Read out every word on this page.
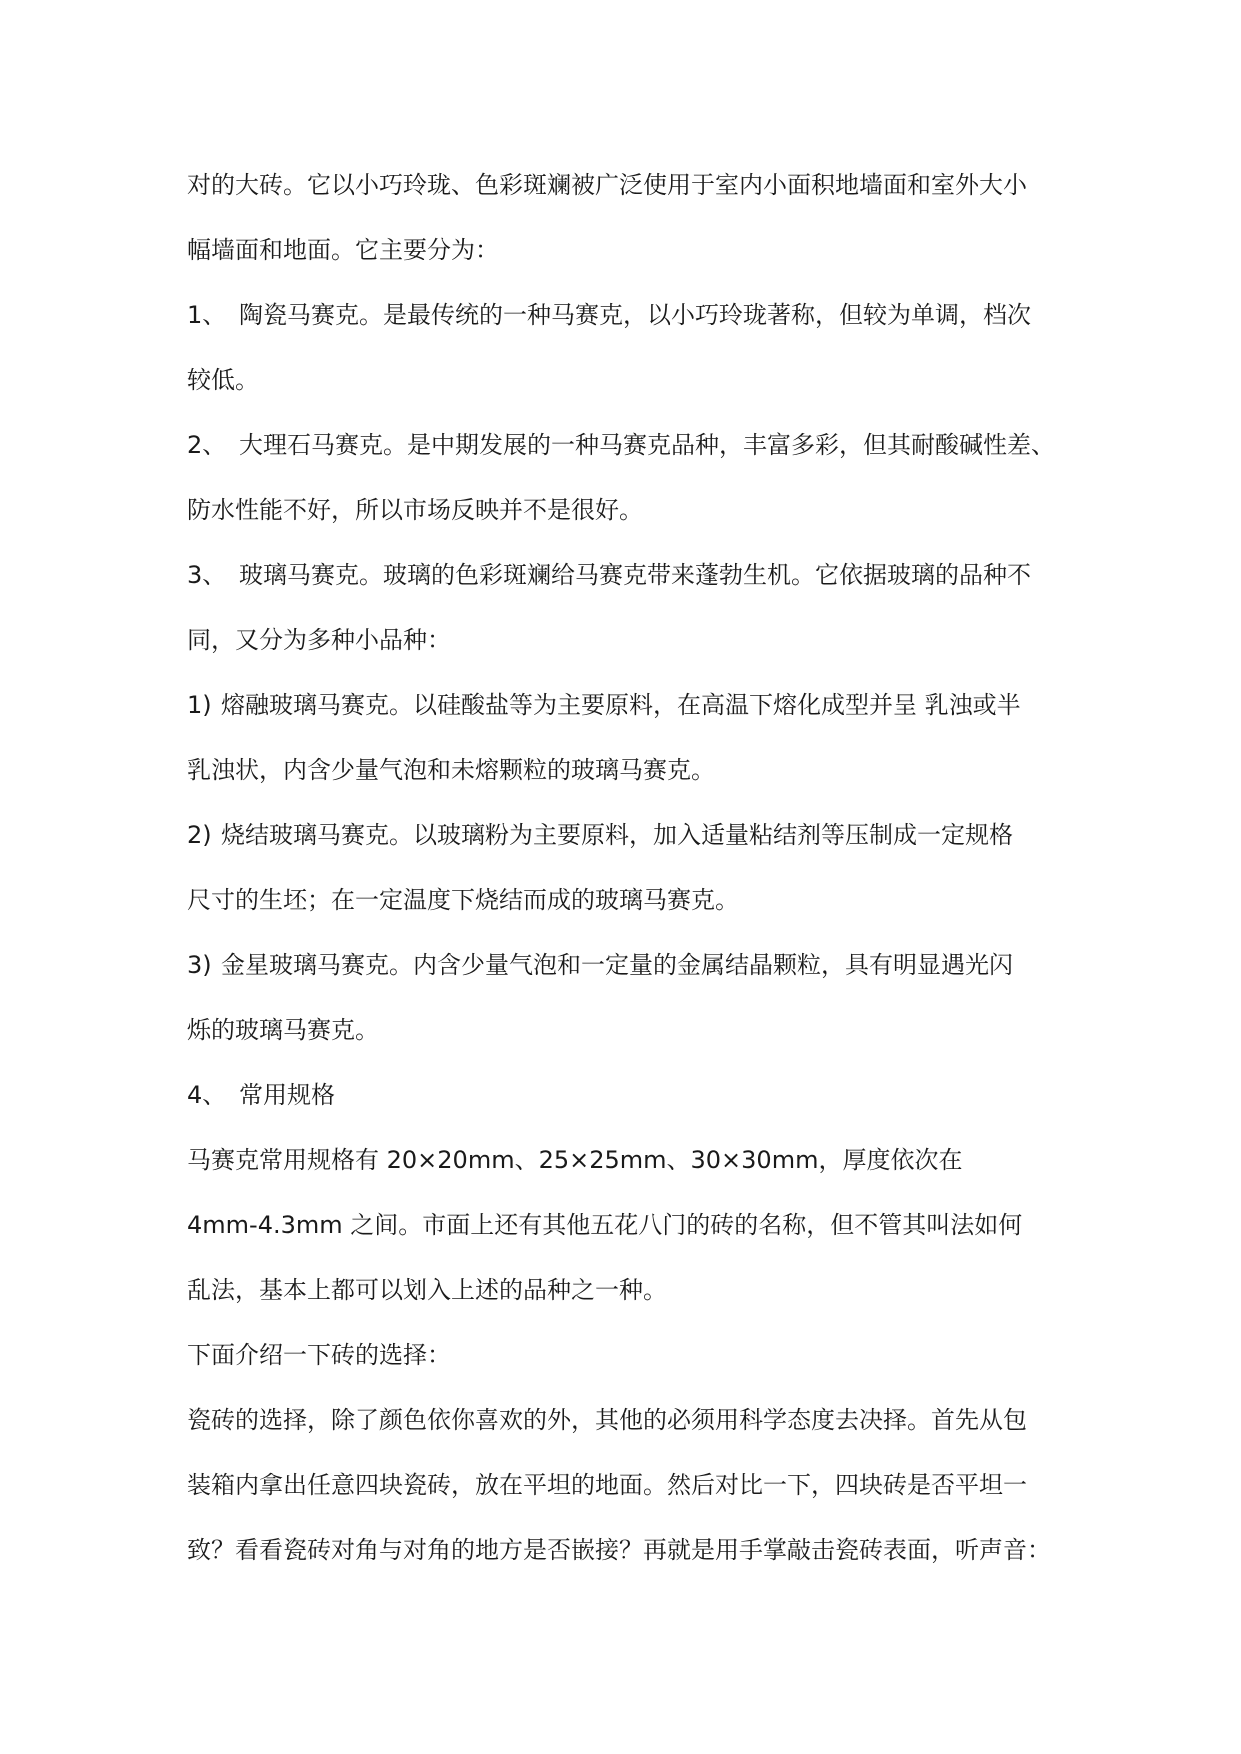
对的大砖。它以小巧玲珑、色彩斑斓被广泛使用于室内小面积地墙面和室外大小
幅墙面和地面。它主要分为：
1、 陶瓷马赛克。是最传统的一种马赛克，以小巧玲珑著称，但较为单调，档次
较低。
2、 大理石马赛克。是中期发展的一种马赛克品种，丰富多彩，但其耐酸碱性差、
防水性能不好，所以市场反映并不是很好。
3、 玻璃马赛克。玻璃的色彩斑斓给马赛克带来蓬勃生机。它依据玻璃的品种不
同，又分为多种小品种：
1) 熔融玻璃马赛克。以硅酸盐等为主要原料，在高温下熔化成型并呈 乳浊或半
乳浊状，内含少量气泡和未熔颗粒的玻璃马赛克。
2) 烧结玻璃马赛克。以玻璃粉为主要原料，加入适量粘结剂等压制成一定规格
尺寸的生坯；在一定温度下烧结而成的玻璃马赛克。
3) 金星玻璃马赛克。内含少量气泡和一定量的金属结晶颗粒，具有明显遇光闪
烁的玻璃马赛克。
4、 常用规格
马赛克常用规格有 20×20mm、25×25mm、30×30mm，厚度依次在
4mm-4.3mm 之间。市面上还有其他五花八门的砖的名称，但不管其叫法如何
乱法，基本上都可以划入上述的品种之一种。
下面介绍一下砖的选择：
瓷砖的选择，除了颜色依你喜欢的外，其他的必须用科学态度去决择。首先从包
装箱内拿出任意四块瓷砖，放在平坦的地面。然后对比一下，四块砖是否平坦一
致？看看瓷砖对角与对角的地方是否嵌接？再就是用手掌敲击瓷砖表面，听声音：
